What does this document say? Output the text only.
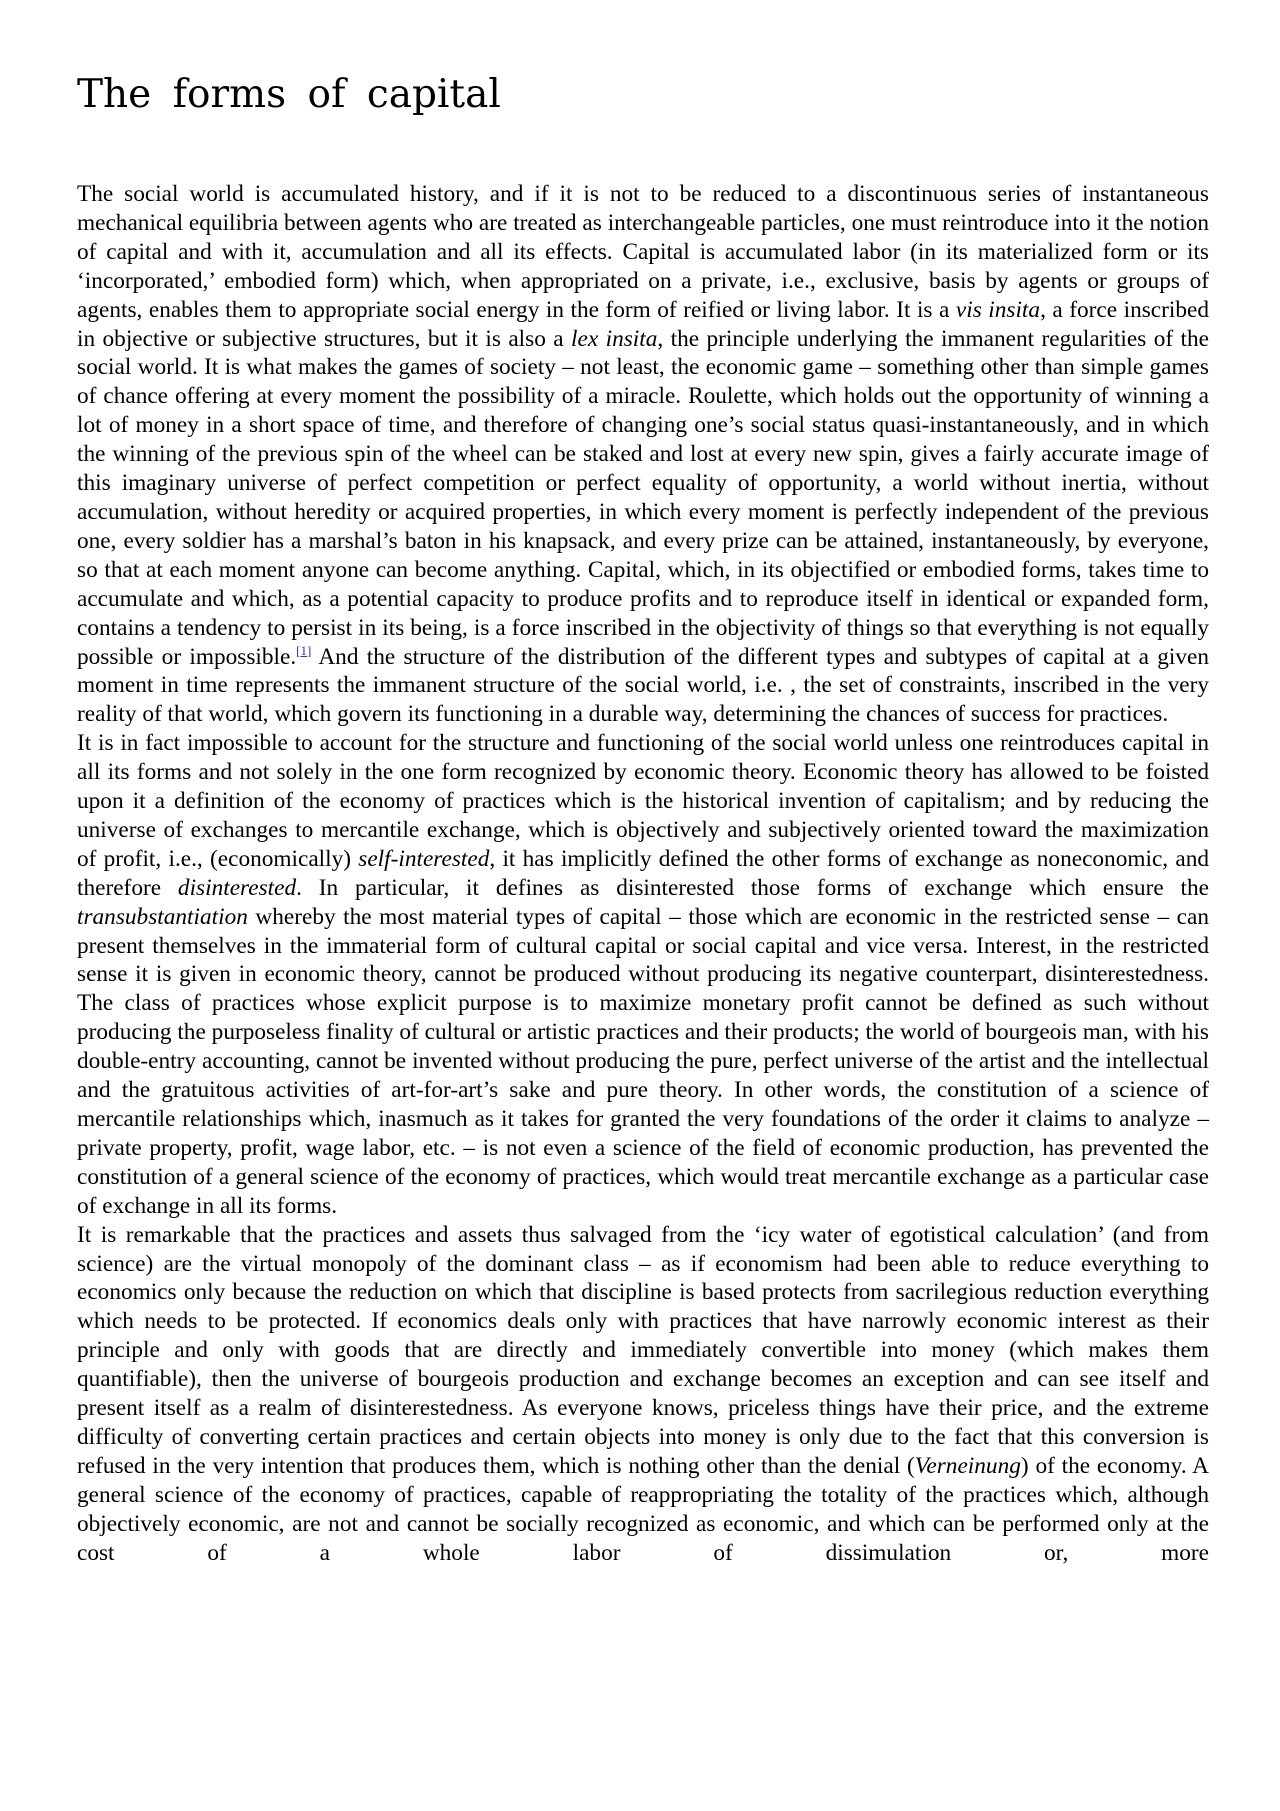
The forms of capital

The social world is accumulated history, and if it is not to be reduced to a discontinuous series of instantaneous mechanical equilibria between agents who are treated as interchangeable particles, one must reintroduce into it the notion of capital and with it, accumulation and all its effects. Capital is accumulated labor (in its materialized form or its ‘incorporated,’ embodied form) which, when appropriated on a private, i.e., exclusive, basis by agents or groups of agents, enables them to appropriate social energy in the form of reified or living labor. It is a vis insita, a force inscribed in objective or subjective structures, but it is also a lex insita, the principle underlying the immanent regularities of the social world. It is what makes the games of society – not least, the economic game – something other than simple games of chance offering at every moment the possibility of a miracle. Roulette, which holds out the opportunity of winning a lot of money in a short space of time, and therefore of changing one’s social status quasi-instantaneously, and in which the winning of the previous spin of the wheel can be staked and lost at every new spin, gives a fairly accurate image of this imaginary universe of perfect competition or perfect equality of opportunity, a world without inertia, without accumulation, without heredity or acquired properties, in which every moment is perfectly independent of the previous one, every soldier has a marshal’s baton in his knapsack, and every prize can be attained, instantaneously, by everyone, so that at each moment anyone can become anything. Capital, which, in its objectified or embodied forms, takes time to accumulate and which, as a potential capacity to produce profits and to reproduce itself in identical or expanded form, contains a tendency to persist in its being, is a force inscribed in the objectivity of things so that everything is not equally possible or impossible.[1] And the structure of the distribution of the different types and subtypes of capital at a given moment in time represents the immanent structure of the social world, i.e. , the set of constraints, inscribed in the very reality of that world, which govern its functioning in a durable way, determining the chances of success for practices.

It is in fact impossible to account for the structure and functioning of the social world unless one reintroduces capital in all its forms and not solely in the one form recognized by economic theory. Economic theory has allowed to be foisted upon it a definition of the economy of practices which is the historical invention of capitalism; and by reducing the universe of exchanges to mercantile exchange, which is objectively and subjectively oriented toward the maximization of profit, i.e., (economically) self-interested, it has implicitly defined the other forms of exchange as noneconomic, and therefore disinterested. In particular, it defines as disinterested those forms of exchange which ensure the transubstantiation whereby the most material types of capital – those which are economic in the restricted sense – can present themselves in the immaterial form of cultural capital or social capital and vice versa. Interest, in the restricted sense it is given in economic theory, cannot be produced without producing its negative counterpart, disinterestedness. The class of practices whose explicit purpose is to maximize monetary profit cannot be defined as such without producing the purposeless finality of cultural or artistic practices and their products; the world of bourgeois man, with his double-entry accounting, cannot be invented without producing the pure, perfect universe of the artist and the intellectual and the gratuitous activities of art-for-art’s sake and pure theory. In other words, the constitution of a science of mercantile relationships which, inasmuch as it takes for granted the very foundations of the order it claims to analyze – private property, profit, wage labor, etc. – is not even a science of the field of economic production, has prevented the constitution of a general science of the economy of practices, which would treat mercantile exchange as a particular case of exchange in all its forms.

It is remarkable that the practices and assets thus salvaged from the ‘icy water of egotistical calculation’ (and from science) are the virtual monopoly of the dominant class – as if economism had been able to reduce everything to economics only because the reduction on which that discipline is based protects from sacrilegious reduction everything which needs to be protected. If economics deals only with practices that have narrowly economic interest as their principle and only with goods that are directly and immediately convertible into money (which makes them quantifiable), then the universe of bourgeois production and exchange becomes an exception and can see itself and present itself as a realm of disinterestedness. As everyone knows, priceless things have their price, and the extreme difficulty of converting certain practices and certain objects into money is only due to the fact that this conversion is refused in the very intention that produces them, which is nothing other than the denial (Verneinung) of the economy. A general science of the economy of practices, capable of reappropriating the totality of the practices which, although objectively economic, are not and cannot be socially recognized as economic, and which can be performed only at the cost of a whole labor of dissimulation or, more
